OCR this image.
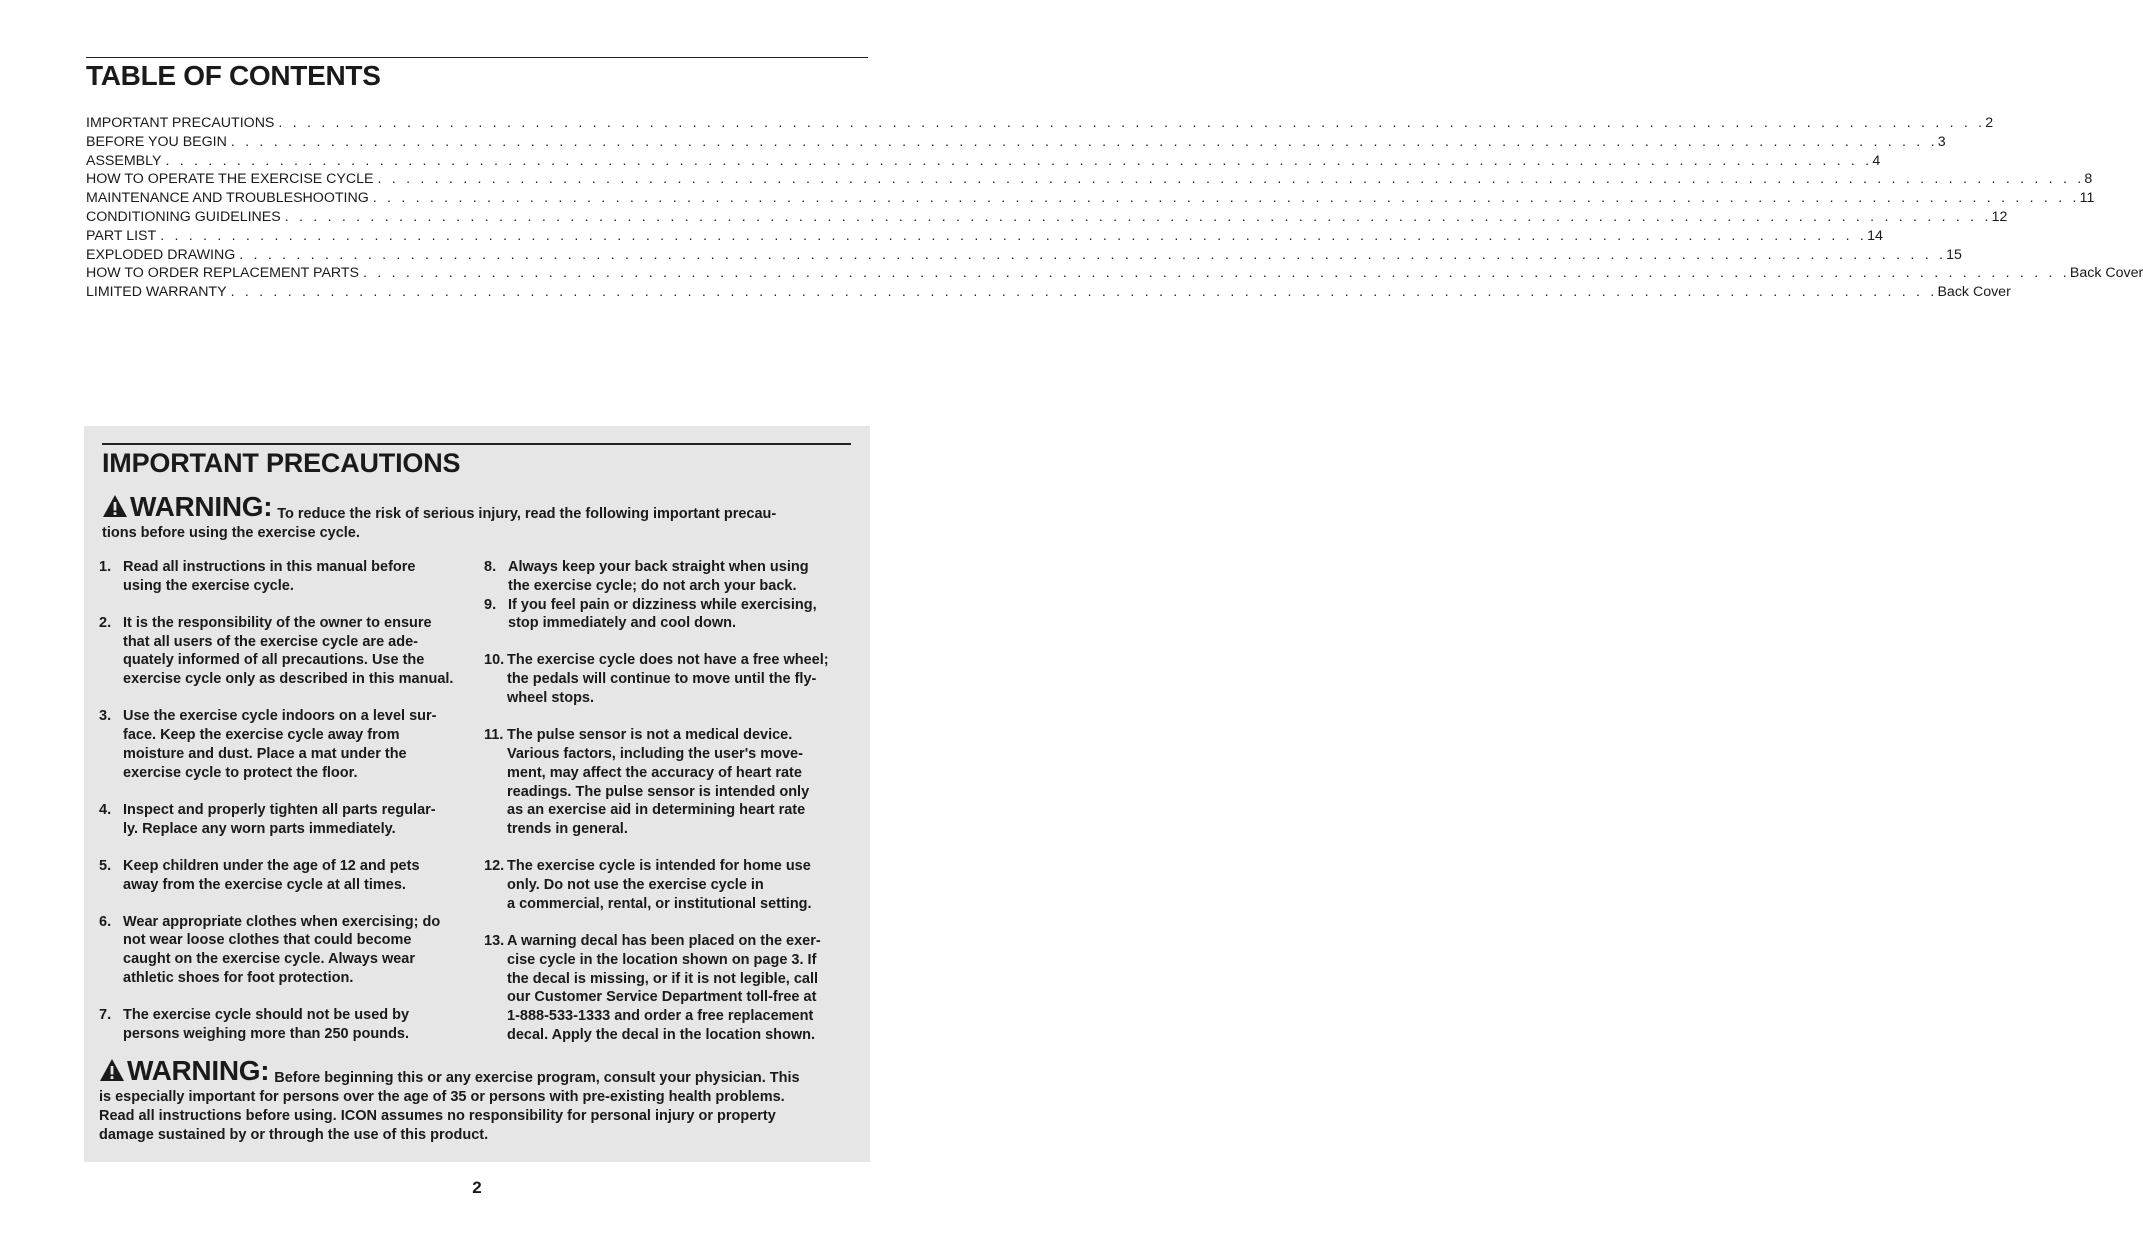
TABLE OF CONTENTS
IMPORTANT PRECAUTIONS . . . . . . . . . . . . . . . . . . . . . . . . . . . . . . . . . . . . . . . . . . . . . . . . . . . . . . . . . . . . . . . . . . . . . . . . . . . . . . . . . . . . . . . . . . . . . . . . . . . . . . . . . . . . . . . . . . . . . . . . 2
BEFORE YOU BEGIN . . . . . . . . . . . . . . . . . . . . . . . . . . . . . . . . . . . . . . . . . . . . . . . . . . . . . . . . . . . . . . . . . . . . . . . . . . . . . . . . . . . . . . . . . . . . . . . . . . . . . . . . . . . . . . . . . . . . . . . . 3
ASSEMBLY . . . . . . . . . . . . . . . . . . . . . . . . . . . . . . . . . . . . . . . . . . . . . . . . . . . . . . . . . . . . . . . . . . . . . . . . . . . . . . . . . . . . . . . . . . . . . . . . . . . . . . . . . . . . . . . . . . . . . . . . 4
HOW TO OPERATE THE EXERCISE CYCLE . . . . . . . . . . . . . . . . . . . . . . . . . . . . . . . . . . . . . . . . . . . . . . . . . . . . . . . . . . . . . . . . . . . . . . . . . . . . . . . . . . . . . . . . . . . . . . . . . . . . . . . . . . . . . . . . . . . . . . . . 8
MAINTENANCE AND TROUBLESHOOTING . . . . . . . . . . . . . . . . . . . . . . . . . . . . . . . . . . . . . . . . . . . . . . . . . . . . . . . . . . . . . . . . . . . . . . . . . . . . . . . . . . . . . . . . . . . . . . . . . . . . . . . . . . . . . . . . . . . . . . . . 11
CONDITIONING GUIDELINES . . . . . . . . . . . . . . . . . . . . . . . . . . . . . . . . . . . . . . . . . . . . . . . . . . . . . . . . . . . . . . . . . . . . . . . . . . . . . . . . . . . . . . . . . . . . . . . . . . . . . . . . . . . . . . . . . . . . . . . . 12
PART LIST . . . . . . . . . . . . . . . . . . . . . . . . . . . . . . . . . . . . . . . . . . . . . . . . . . . . . . . . . . . . . . . . . . . . . . . . . . . . . . . . . . . . . . . . . . . . . . . . . . . . . . . . . . . . . . . . . . . . . . . . 14
EXPLODED DRAWING . . . . . . . . . . . . . . . . . . . . . . . . . . . . . . . . . . . . . . . . . . . . . . . . . . . . . . . . . . . . . . . . . . . . . . . . . . . . . . . . . . . . . . . . . . . . . . . . . . . . . . . . . . . . . . . . . . . . . . . . 15
HOW TO ORDER REPLACEMENT PARTS . . . . . . . . . . . . . . . . . . . . . . . . . . . . . . . . . . . . . . . . . . . . . . . . . . . . . . . . . . . . . . . . . . . . . . . . . . . . . . . . . . . . . . . . . . . . . . . . . . . . . . . . . . . . . . . . . . . . . . . . Back Cover
LIMITED WARRANTY . . . . . . . . . . . . . . . . . . . . . . . . . . . . . . . . . . . . . . . . . . . . . . . . . . . . . . . . . . . . . . . . . . . . . . . . . . . . . . . . . . . . . . . . . . . . . . . . . . . . . . . . . . . . . . . . . . . . . . . . Back Cover
IMPORTANT PRECAUTIONS
WARNING: To reduce the risk of serious injury, read the following important precau-
tions before using the exercise cycle.
1. Read all instructions in this manual before
using the exercise cycle.
2. It is the responsibility of the owner to ensure
that all users of the exercise cycle are ade-
quately informed of all precautions. Use the
exercise cycle only as described in this manual.
3. Use the exercise cycle indoors on a level sur-
face. Keep the exercise cycle away from
moisture and dust. Place a mat under the
exercise cycle to protect the floor.
4. Inspect and properly tighten all parts regular-
ly. Replace any worn parts immediately.
5. Keep children under the age of 12 and pets
away from the exercise cycle at all times.
6. Wear appropriate clothes when exercising; do
not wear loose clothes that could become
caught on the exercise cycle. Always wear
athletic shoes for foot protection.
7. The exercise cycle should not be used by
persons weighing more than 250 pounds.
8. Always keep your back straight when using
the exercise cycle; do not arch your back.
9. If you feel pain or dizziness while exercising,
stop immediately and cool down.
10. The exercise cycle does not have a free wheel;
the pedals will continue to move until the fly-
wheel stops.
11. The pulse sensor is not a medical device.
Various factors, including the user's move-
ment, may affect the accuracy of heart rate
readings. The pulse sensor is intended only
as an exercise aid in determining heart rate
trends in general.
12. The exercise cycle is intended for home use
only. Do not use the exercise cycle in
a commercial, rental, or institutional setting.
13. A warning decal has been placed on the exer-
cise cycle in the location shown on page 3. If
the decal is missing, or if it is not legible, call
our Customer Service Department toll-free at
1-888-533-1333 and order a free replacement
decal. Apply the decal in the location shown.
WARNING: Before beginning this or any exercise program, consult your physician. This
is especially important for persons over the age of 35 or persons with pre-existing health problems.
Read all instructions before using. ICON assumes no responsibility for personal injury or property
damage sustained by or through the use of this product.
2
